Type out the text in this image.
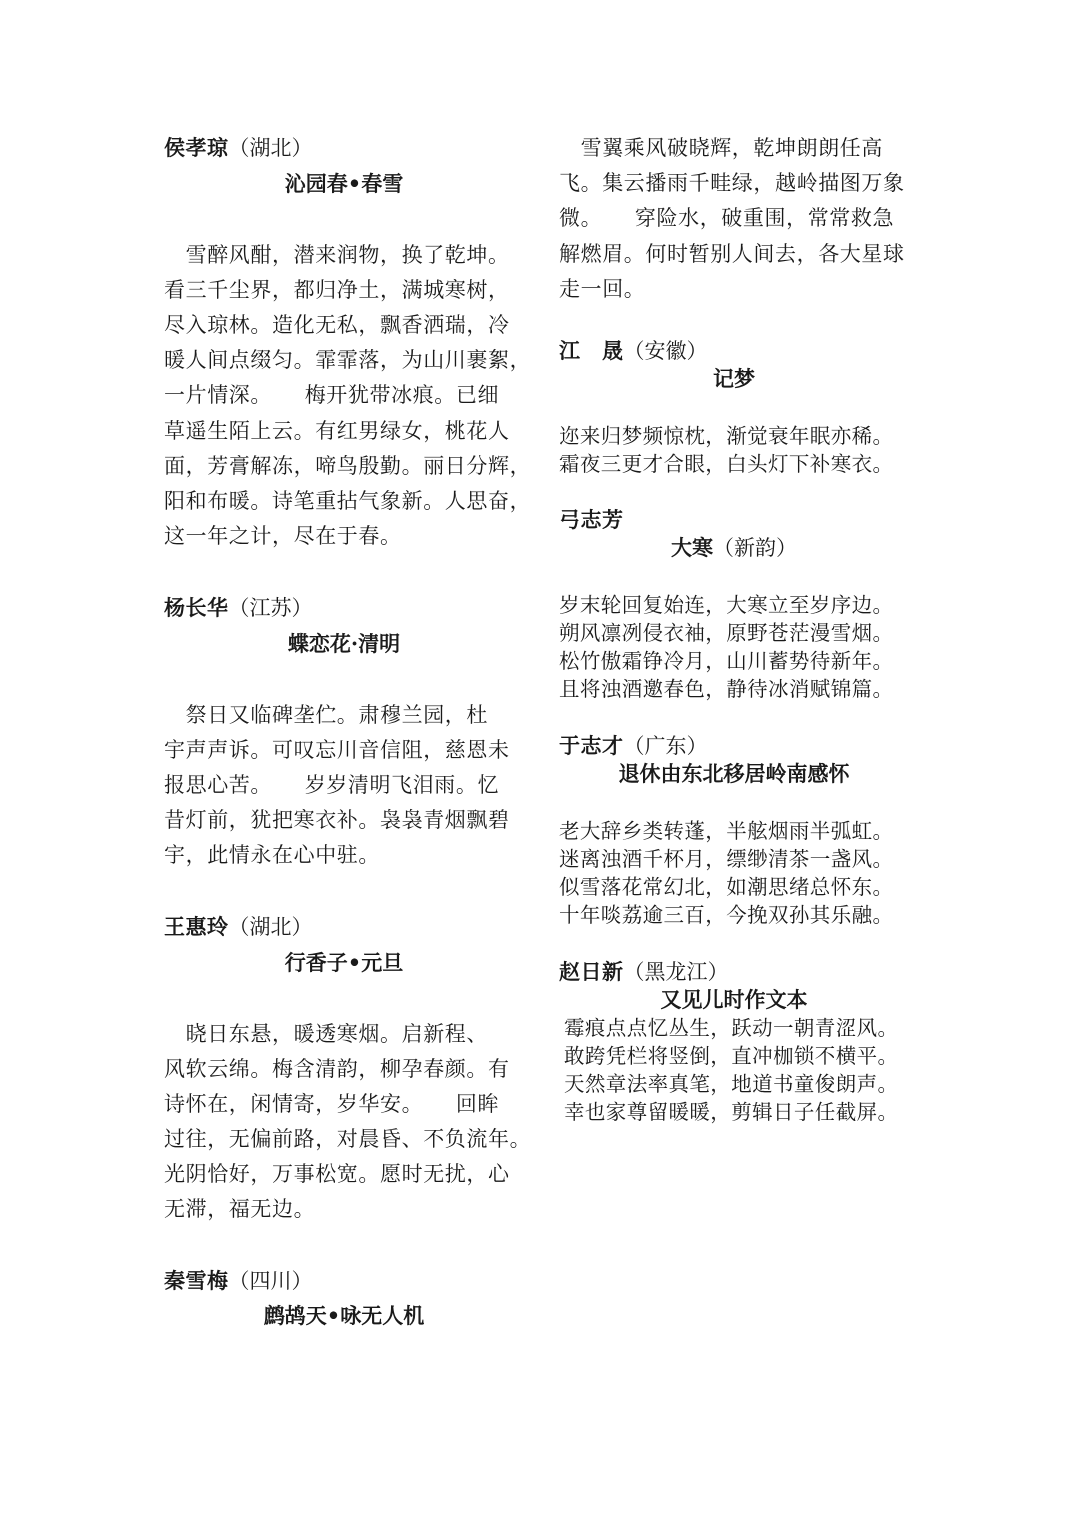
侯孝琼（湖北）
沁园春•春雪
　雪醉风酣，潜来润物，换了乾坤。
看三千尘界，都归净土，满城寒树，
尽入琼林。造化无私，飘香洒瑞，冷
暖人间点缀匀。霏霏落，为山川裹絮，
一片情深。　　梅开犹带冰痕。已细
草遥生陌上云。有红男绿女，桃花人
面，芳膏解冻，啼鸟殷勤。丽日分辉，
阳和布暖。诗笔重拈气象新。人思奋，
这一年之计，尽在于春。
杨长华（江苏）
蝶恋花·清明
　祭日又临碑垄伫。肃穆兰园，杜
宇声声诉。可叹忘川音信阻，慈恩未
报思心苦。　　岁岁清明飞泪雨。忆
昔灯前，犹把寒衣补。袅袅青烟飘碧
宇，此情永在心中驻。
王惠玲（湖北）
行香子•元旦
　晓日东悬，暖透寒烟。启新程、
风软云绵。梅含清韵，柳孕春颜。有
诗怀在，闲情寄，岁华安。　　回眸
过往，无偏前路，对晨昏、不负流年。
光阴恰好，万事松宽。愿时无扰，心
无滞，福无边。
秦雪梅（四川）
鹧鸪天•咏无人机
　雪翼乘风破晓辉，乾坤朗朗任高
飞。集云播雨千畦绿，越岭描图万象
微。　　穿险水，破重围，常常救急
解燃眉。何时暂别人间去，各大星球
走一回。
江　晟（安徽）
记梦
迩来归梦频惊枕，渐觉衰年眠亦稀。
霜夜三更才合眼，白头灯下补寒衣。
弓志芳
大寒（新韵）
岁末轮回复始连，大寒立至岁序边。
朔风凛冽侵衣袖，原野苍茫漫雪烟。
松竹傲霜铮冷月，山川蓄势待新年。
且将浊酒邀春色，静待冰消赋锦篇。
于志才（广东）
退休由东北移居岭南感怀
老大辞乡类转蓬，半舷烟雨半弧虹。
迷离浊酒千杯月，缥缈清茶一盏风。
似雪落花常幻北，如潮思绪总怀东。
十年啖荔逾三百，今挽双孙其乐融。
赵日新（黑龙江）
又见儿时作文本
霉痕点点忆丛生，跃动一朝青涩风。
敢跨凭栏将竖倒，直冲枷锁不横平。
天然章法率真笔，地道书童俊朗声。
幸也家尊留暖暖，剪辑日子任截屏。
